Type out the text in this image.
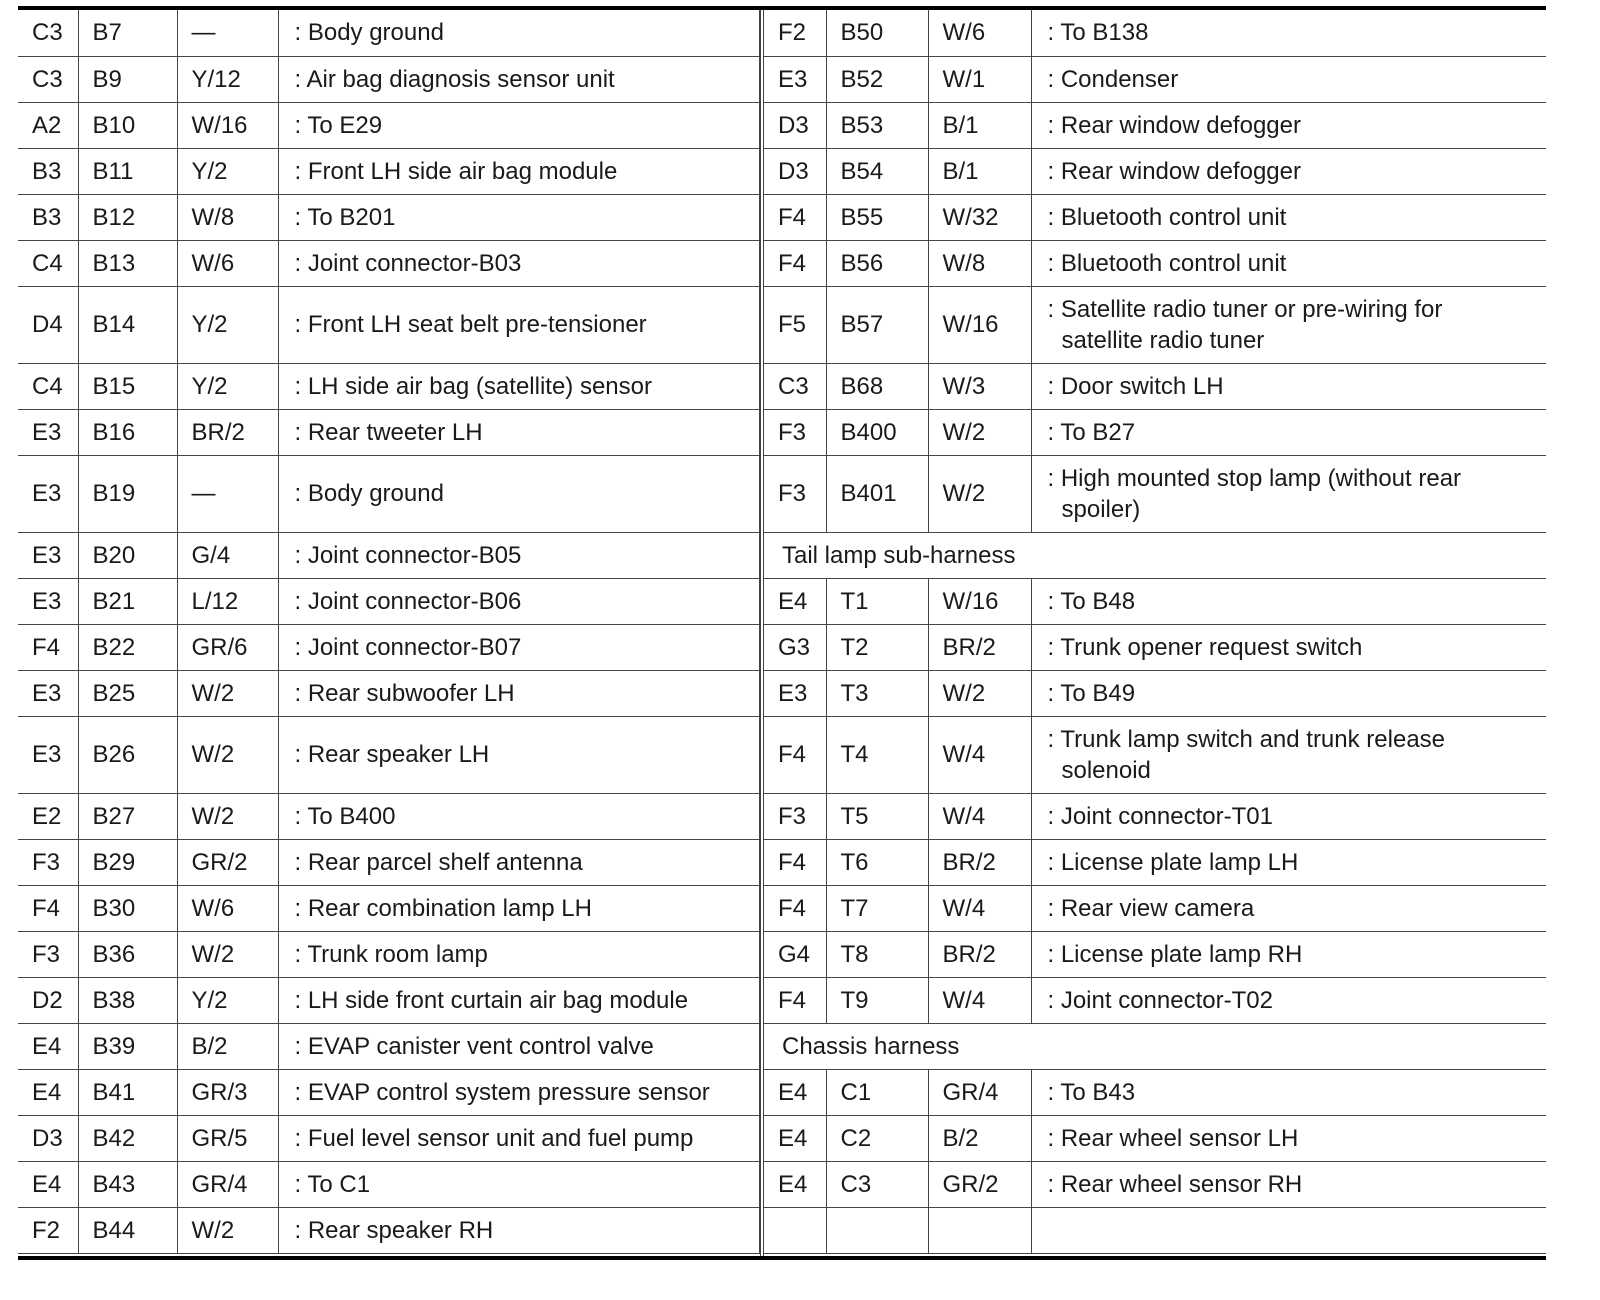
C3	B7	—	: Body ground
C3	B9	Y/12	: Air bag diagnosis sensor unit
A2	B10	W/16	: To E29
B3	B11	Y/2	: Front LH side air bag module
B3	B12	W/8	: To B201
C4	B13	W/6	: Joint connector-B03
D4	B14	Y/2	: Front LH seat belt pre-tensioner
C4	B15	Y/2	: LH side air bag (satellite) sensor
E3	B16	BR/2	: Rear tweeter LH
E3	B19	—	: Body ground
E3	B20	G/4	: Joint connector-B05
E3	B21	L/12	: Joint connector-B06
F4	B22	GR/6	: Joint connector-B07
E3	B25	W/2	: Rear subwoofer LH
E3	B26	W/2	: Rear speaker LH
E2	B27	W/2	: To B400
F3	B29	GR/2	: Rear parcel shelf antenna
F4	B30	W/6	: Rear combination lamp LH
F3	B36	W/2	: Trunk room lamp
D2	B38	Y/2	: LH side front curtain air bag module
E4	B39	B/2	: EVAP canister vent control valve
E4	B41	GR/3	: EVAP control system pressure sensor
D3	B42	GR/5	: Fuel level sensor unit and fuel pump
E4	B43	GR/4	: To C1
F2	B44	W/2	: Rear speaker RH
F2	B50	W/6	: To B138
E3	B52	W/1	: Condenser
D3	B53	B/1	: Rear window defogger
D3	B54	B/1	: Rear window defogger
F4	B55	W/32	: Bluetooth control unit
F4	B56	W/8	: Bluetooth control unit
F5	B57	W/16	: Satellite radio tuner or pre-wiring for
satellite radio tuner

C3	B68	W/3	: Door switch LH
F3	B400	W/2	: To B27
F3	B401	W/2	: High mounted stop lamp (without rear
spoiler)

Tail lamp sub-harness			
E4	T1	W/16	: To B48
G3	T2	BR/2	: Trunk opener request switch
E3	T3	W/2	: To B49
F4	T4	W/4	: Trunk lamp switch and trunk release
solenoid

F3	T5	W/4	: Joint connector-T01
F4	T6	BR/2	: License plate lamp LH
F4	T7	W/4	: Rear view camera
G4	T8	BR/2	: License plate lamp RH
F4	T9	W/4	: Joint connector-T02
Chassis harness			
E4	C1	GR/4	: To B43
E4	C2	B/2	: Rear wheel sensor LH
E4	C3	GR/2	: Rear wheel sensor RH
